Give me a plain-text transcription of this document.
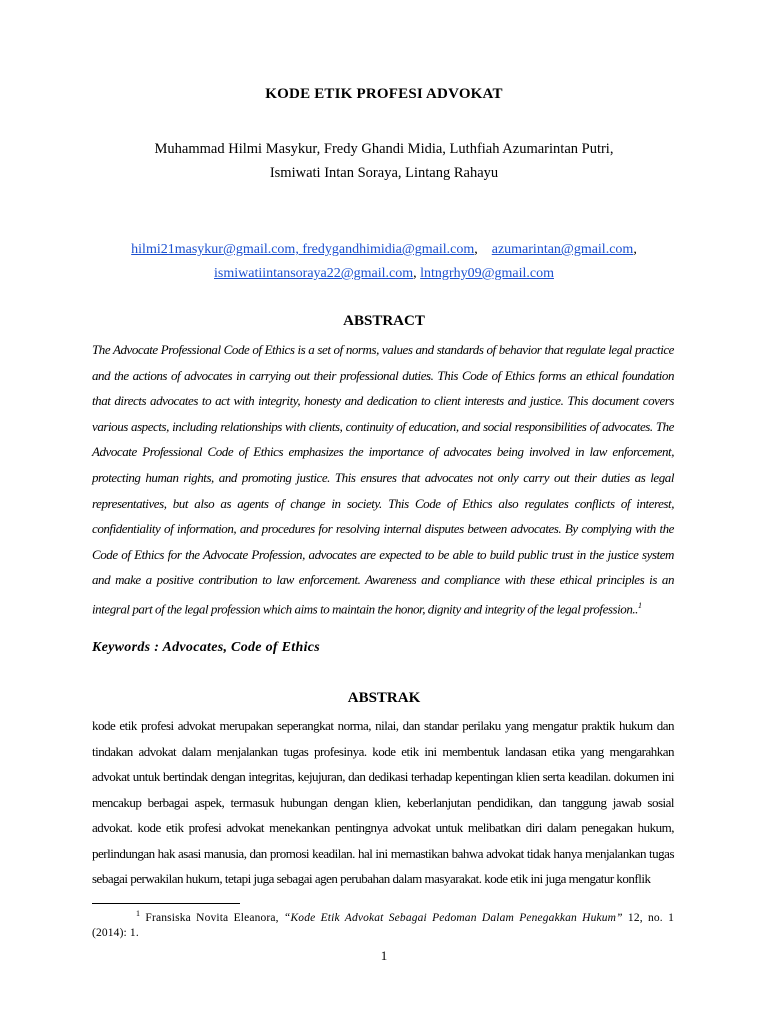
KODE ETIK PROFESI ADVOKAT
Muhammad Hilmi Masykur, Fredy Ghandi Midia, Luthfiah Azumarintan Putri,
Ismiwati Intan Soraya, Lintang Rahayu
hilmi21masykur@gmail.com, fredygandhimidia@gmail.com, azumarintan@gmail.com,
ismiwatiintansoraya22@gmail.com, lntngrhy09@gmail.com
ABSTRACT
The Advocate Professional Code of Ethics is a set of norms, values and standards of behavior that regulate legal practice and the actions of advocates in carrying out their professional duties. This Code of Ethics forms an ethical foundation that directs advocates to act with integrity, honesty and dedication to client interests and justice. This document covers various aspects, including relationships with clients, continuity of education, and social responsibilities of advocates. The Advocate Professional Code of Ethics emphasizes the importance of advocates being involved in law enforcement, protecting human rights, and promoting justice. This ensures that advocates not only carry out their duties as legal representatives, but also as agents of change in society. This Code of Ethics also regulates conflicts of interest, confidentiality of information, and procedures for resolving internal disputes between advocates. By complying with the Code of Ethics for the Advocate Profession, advocates are expected to be able to build public trust in the justice system and make a positive contribution to law enforcement. Awareness and compliance with these ethical principles is an integral part of the legal profession which aims to maintain the honor, dignity and integrity of the legal profession..$^1$
Keywords : Advocates, Code of Ethics
ABSTRAK
kode etik profesi advokat merupakan seperangkat norma, nilai, dan standar perilaku yang mengatur praktik hukum dan tindakan advokat dalam menjalankan tugas profesinya. kode etik ini membentuk landasan etika yang mengarahkan advokat untuk bertindak dengan integritas, kejujuran, dan dedikasi terhadap kepentingan klien serta keadilan. dokumen ini mencakup berbagai aspek, termasuk hubungan dengan klien, keberlanjutan pendidikan, dan tanggung jawab sosial advokat. kode etik profesi advokat menekankan pentingnya advokat untuk melibatkan diri dalam penegakan hukum, perlindungan hak asasi manusia, dan promosi keadilan. hal ini memastikan bahwa advokat tidak hanya menjalankan tugas sebagai perwakilan hukum, tetapi juga sebagai agen perubahan dalam masyarakat. kode etik ini juga mengatur konflik
$^1$ Fransiska Novita Eleanora, “Kode Etik Advokat Sebagai Pedoman Dalam Penegakkan Hukum” 12, no. 1 (2014): 1.
1
